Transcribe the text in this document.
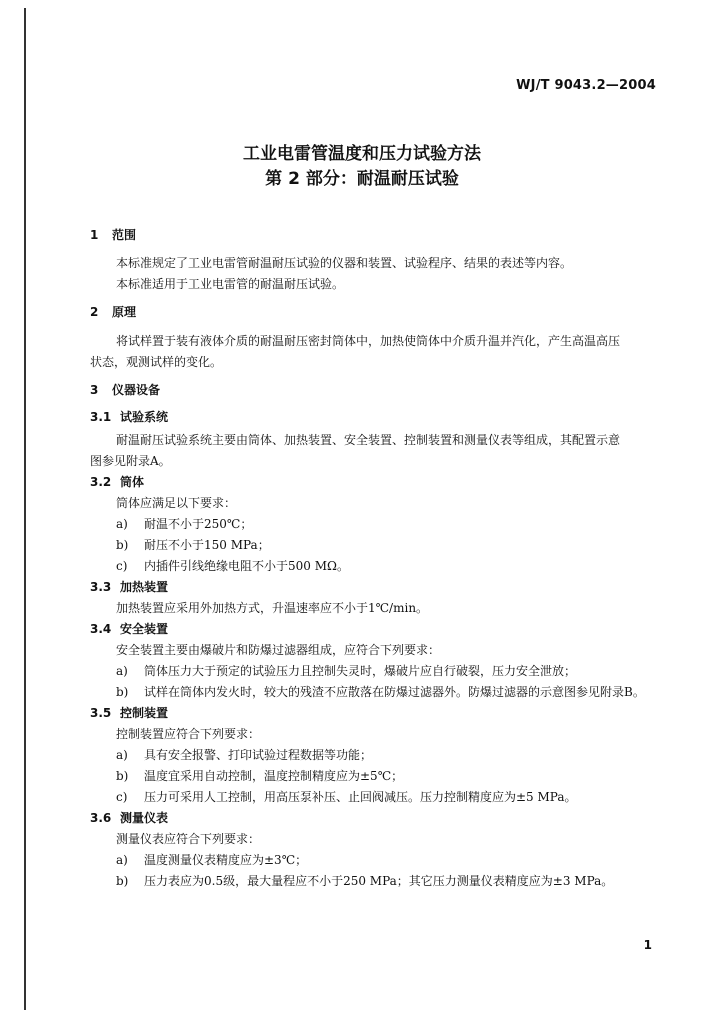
WJ/T 9043.2—2004
工业电雷管温度和压力试验方法
第 2 部分：耐温耐压试验
1 范围
本标准规定了工业电雷管耐温耐压试验的仪器和装置、试验程序、结果的表述等内容。
本标准适用于工业电雷管的耐温耐压试验。
2 原理
将试样置于装有液体介质的耐温耐压密封筒体中，加热使筒体中介质升温并汽化，产生高温高压
状态，观测试样的变化。
3 仪器设备
3.1 试验系统
耐温耐压试验系统主要由筒体、加热装置、安全装置、控制装置和测量仪表等组成，其配置示意
图参见附录A。
3.2 筒体
筒体应满足以下要求：
a) 耐温不小于250℃；
b) 耐压不小于150 MPa；
c) 内插件引线绝缘电阻不小于500 MΩ。
3.3 加热装置
加热装置应采用外加热方式，升温速率应不小于1℃/min。
3.4 安全装置
安全装置主要由爆破片和防爆过滤器组成，应符合下列要求：
a) 筒体压力大于预定的试验压力且控制失灵时，爆破片应自行破裂，压力安全泄放；
b) 试样在筒体内发火时，较大的残渣不应散落在防爆过滤器外。防爆过滤器的示意图参见附录B。
3.5 控制装置
控制装置应符合下列要求：
a) 具有安全报警、打印试验过程数据等功能；
b) 温度宜采用自动控制，温度控制精度应为±5℃；
c) 压力可采用人工控制，用高压泵补压、止回阀减压。压力控制精度应为±5 MPa。
3.6 测量仪表
测量仪表应符合下列要求：
a) 温度测量仪表精度应为±3℃；
b) 压力表应为0.5级，最大量程应不小于250 MPa；其它压力测量仪表精度应为±3 MPa。
1
